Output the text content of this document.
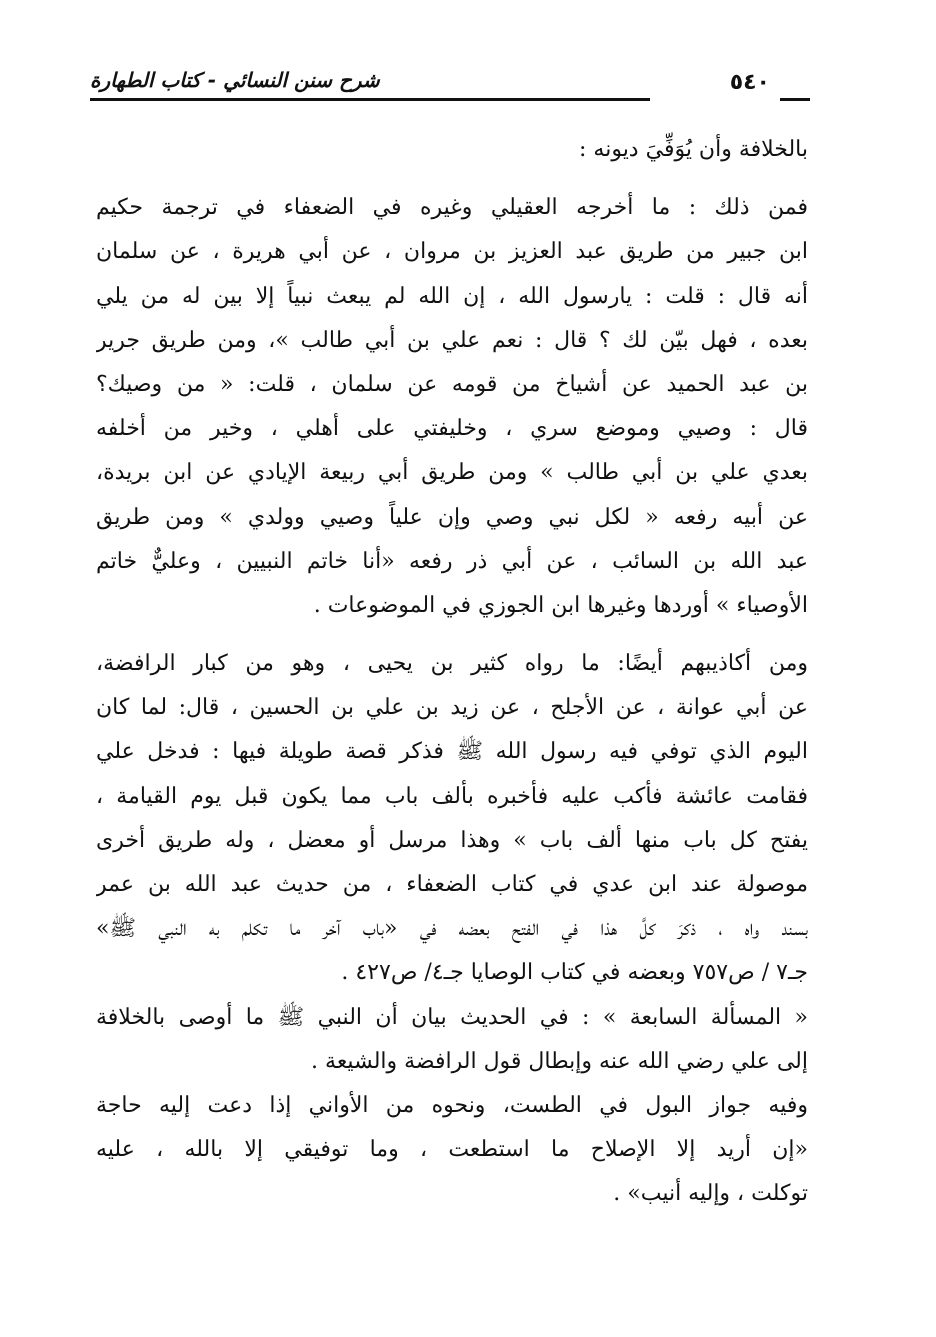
شرح سنن النسائي - كتاب الطهارة	٥٤٠
بالخلافة وأن يُوَفِّيَ ديونه :
فمن ذلك : ما أخرجه العقيلي وغيره في الضعفاء في ترجمة حكيم
ابن جبير من طريق عبد العزيز بن مروان ، عن أبي هريرة ، عن سلمان
أنه قال : قلت : يارسول الله ، إن الله لم يبعث نبياً إلا بين له من يلي
بعده ، فهل بيّن لك ؟ قال : نعم علي بن أبي طالب »، ومن طريق جرير
بن عبد الحميد عن أشياخ من قومه عن سلمان ، قلت: « من وصيك؟
قال : وصيي وموضع سري ، وخليفتي على أهلي ، وخير من أخلفه
بعدي علي بن أبي طالب » ومن طريق أبي ربيعة الإيادي عن ابن بريدة،
عن أبيه رفعه « لكل نبي وصي وإن علياً وصيي وولدي » ومن طريق
عبد الله بن السائب ، عن أبي ذر رفعه «أنا خاتم النبيين ، وعليٌّ خاتم
الأوصياء » أوردها وغيرها ابن الجوزي في الموضوعات .
ومن أكاذيبهم أيضًا: ما رواه كثير بن يحيى ، وهو من كبار الرافضة،
عن أبي عوانة ، عن الأجلح ، عن زيد بن علي بن الحسين ، قال: لما كان
اليوم الذي توفي فيه رسول الله ﷺ فذكر قصة طويلة فيها : فدخل علي
فقامت عائشة فأكب عليه فأخبره بألف باب مما يكون قبل يوم القيامة ،
يفتح كل باب منها ألف باب » وهذا مرسل أو معضل ، وله طريق أخرى
موصولة عند ابن عدي في كتاب الضعفاء ، من حديث عبد الله بن عمر
بسند واه ، ذكرَ كلَّ هذا في الفتح بعضه في «باب آخر ما تكلم به النبي ﷺ»
جـ٧ / ص٧٥٧ وبعضه في كتاب الوصايا جـ٤/ ص٤٢٧ .
« المسألة السابعة » : في الحديث بيان أن النبي ﷺ ما أوصى بالخلافة
إلى علي رضي الله عنه وإبطال قول الرافضة والشيعة .
وفيه جواز البول في الطست، ونحوه من الأواني إذا دعت إليه حاجة
«إن أريد إلا الإصلاح ما استطعت ، وما توفيقي إلا بالله ، عليه
توكلت ، وإليه أنيب» .
